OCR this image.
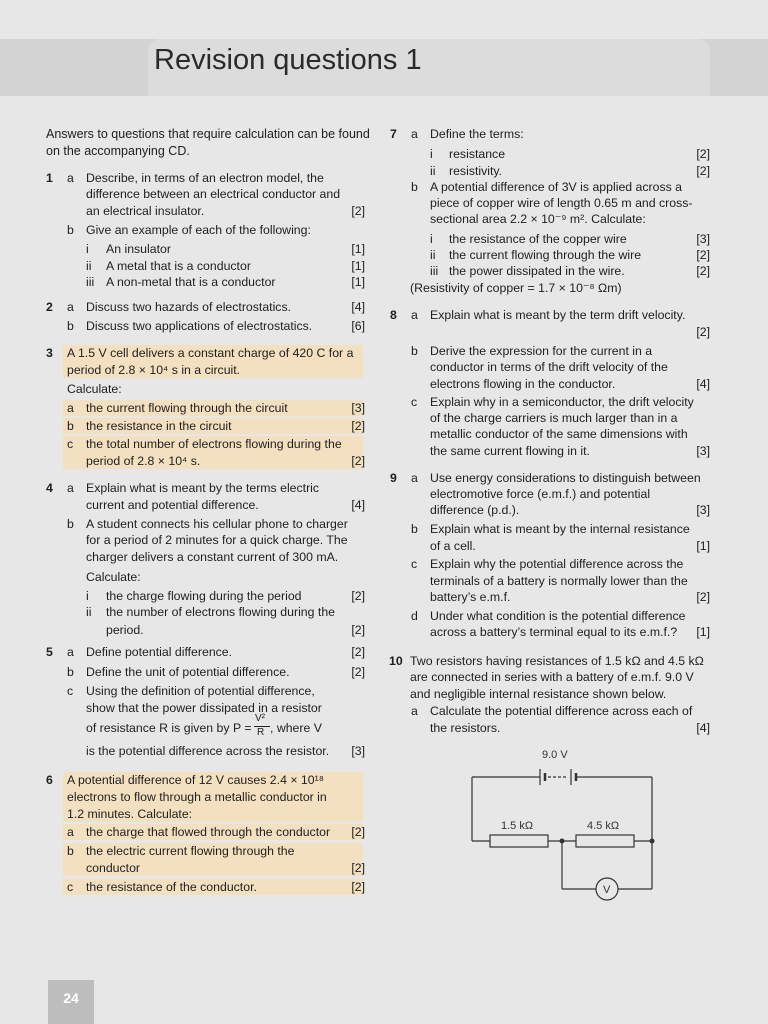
Revision questions 1
Answers to questions that require calculation can be found on the accompanying CD.
1 a Describe, in terms of an electron model, the
difference between an electrical conductor and
an electrical insulator.	[2]
b Give an example of each of the following:
i An insulator	[1]
ii A metal that is a conductor	[1]
iii A non-metal that is a conductor	[1]
2 a Discuss two hazards of electrostatics.	[4]
b Discuss two applications of electrostatics.	[6]
3 A 1.5 V cell delivers a constant charge of 420 C for a
period of 2.8 × 10⁴ s in a circuit.
Calculate:
a the current flowing through the circuit	[3]
b the resistance in the circuit	[2]
c the total number of electrons flowing during the
period of 2.8 × 10⁴ s.	[2]
4 a Explain what is meant by the terms electric
current and potential difference.	[4]
b A student connects his cellular phone to charger
for a period of 2 minutes for a quick charge. The
charger delivers a constant current of 300 mA.
Calculate:
i the charge flowing during the period	[2]
ii the number of electrons flowing during the
period.	[2]
5 a Define potential difference.	[2]
b Define the unit of potential difference.	[2]
c Using the definition of potential difference,
show that the power dissipated in a resistor
of resistance R is given by P =
V²
R , where V
is the potential difference across the resistor.	[3]
6 A potential difference of 12 V causes 2.4 × 10¹⁸
electrons to flow through a metallic conductor in
1.2 minutes. Calculate:
a the charge that flowed through the conductor	[2]
b the electric current flowing through the
conductor	[2]
c the resistance of the conductor.	[2]
7 a Define the terms:
i resistance	[2]
ii resistivity.	[2]
b A potential difference of 3V is applied across a
piece of copper wire of length 0.65 m and cross-
sectional area 2.2 × 10⁻⁹ m². Calculate:
i the resistance of the copper wire	[3]
ii the current flowing through the wire	[2]
iii the power dissipated in the wire.	[2]
(Resistivity of copper = 1.7 × 10⁻⁸ Ωm)
8 a Explain what is meant by the term drift velocity.
[2]
b Derive the expression for the current in a
conductor in terms of the drift velocity of the
electrons flowing in the conductor.	[4]
c Explain why in a semiconductor, the drift velocity
of the charge carriers is much larger than in a
metallic conductor of the same dimensions with
the same current flowing in it.	[3]
9 a Use energy considerations to distinguish between
electromotive force (e.m.f.) and potential
difference (p.d.).	[3]
b Explain what is meant by the internal resistance
of a cell.	[1]
c Explain why the potential difference across the
terminals of a battery is normally lower than the
battery’s e.m.f.	[2]
d Under what condition is the potential difference
across a battery’s terminal equal to its e.m.f.?	[1]
10 Two resistors having resistances of 1.5 kΩ and 4.5 kΩ
are connected in series with a battery of e.m.f. 9.0 V
and negligible internal resistance shown below.
a Calculate the potential difference across each of
the resistors.	[4]
9.0 V
1.5 kΩ	4.5 kΩ
V
24
